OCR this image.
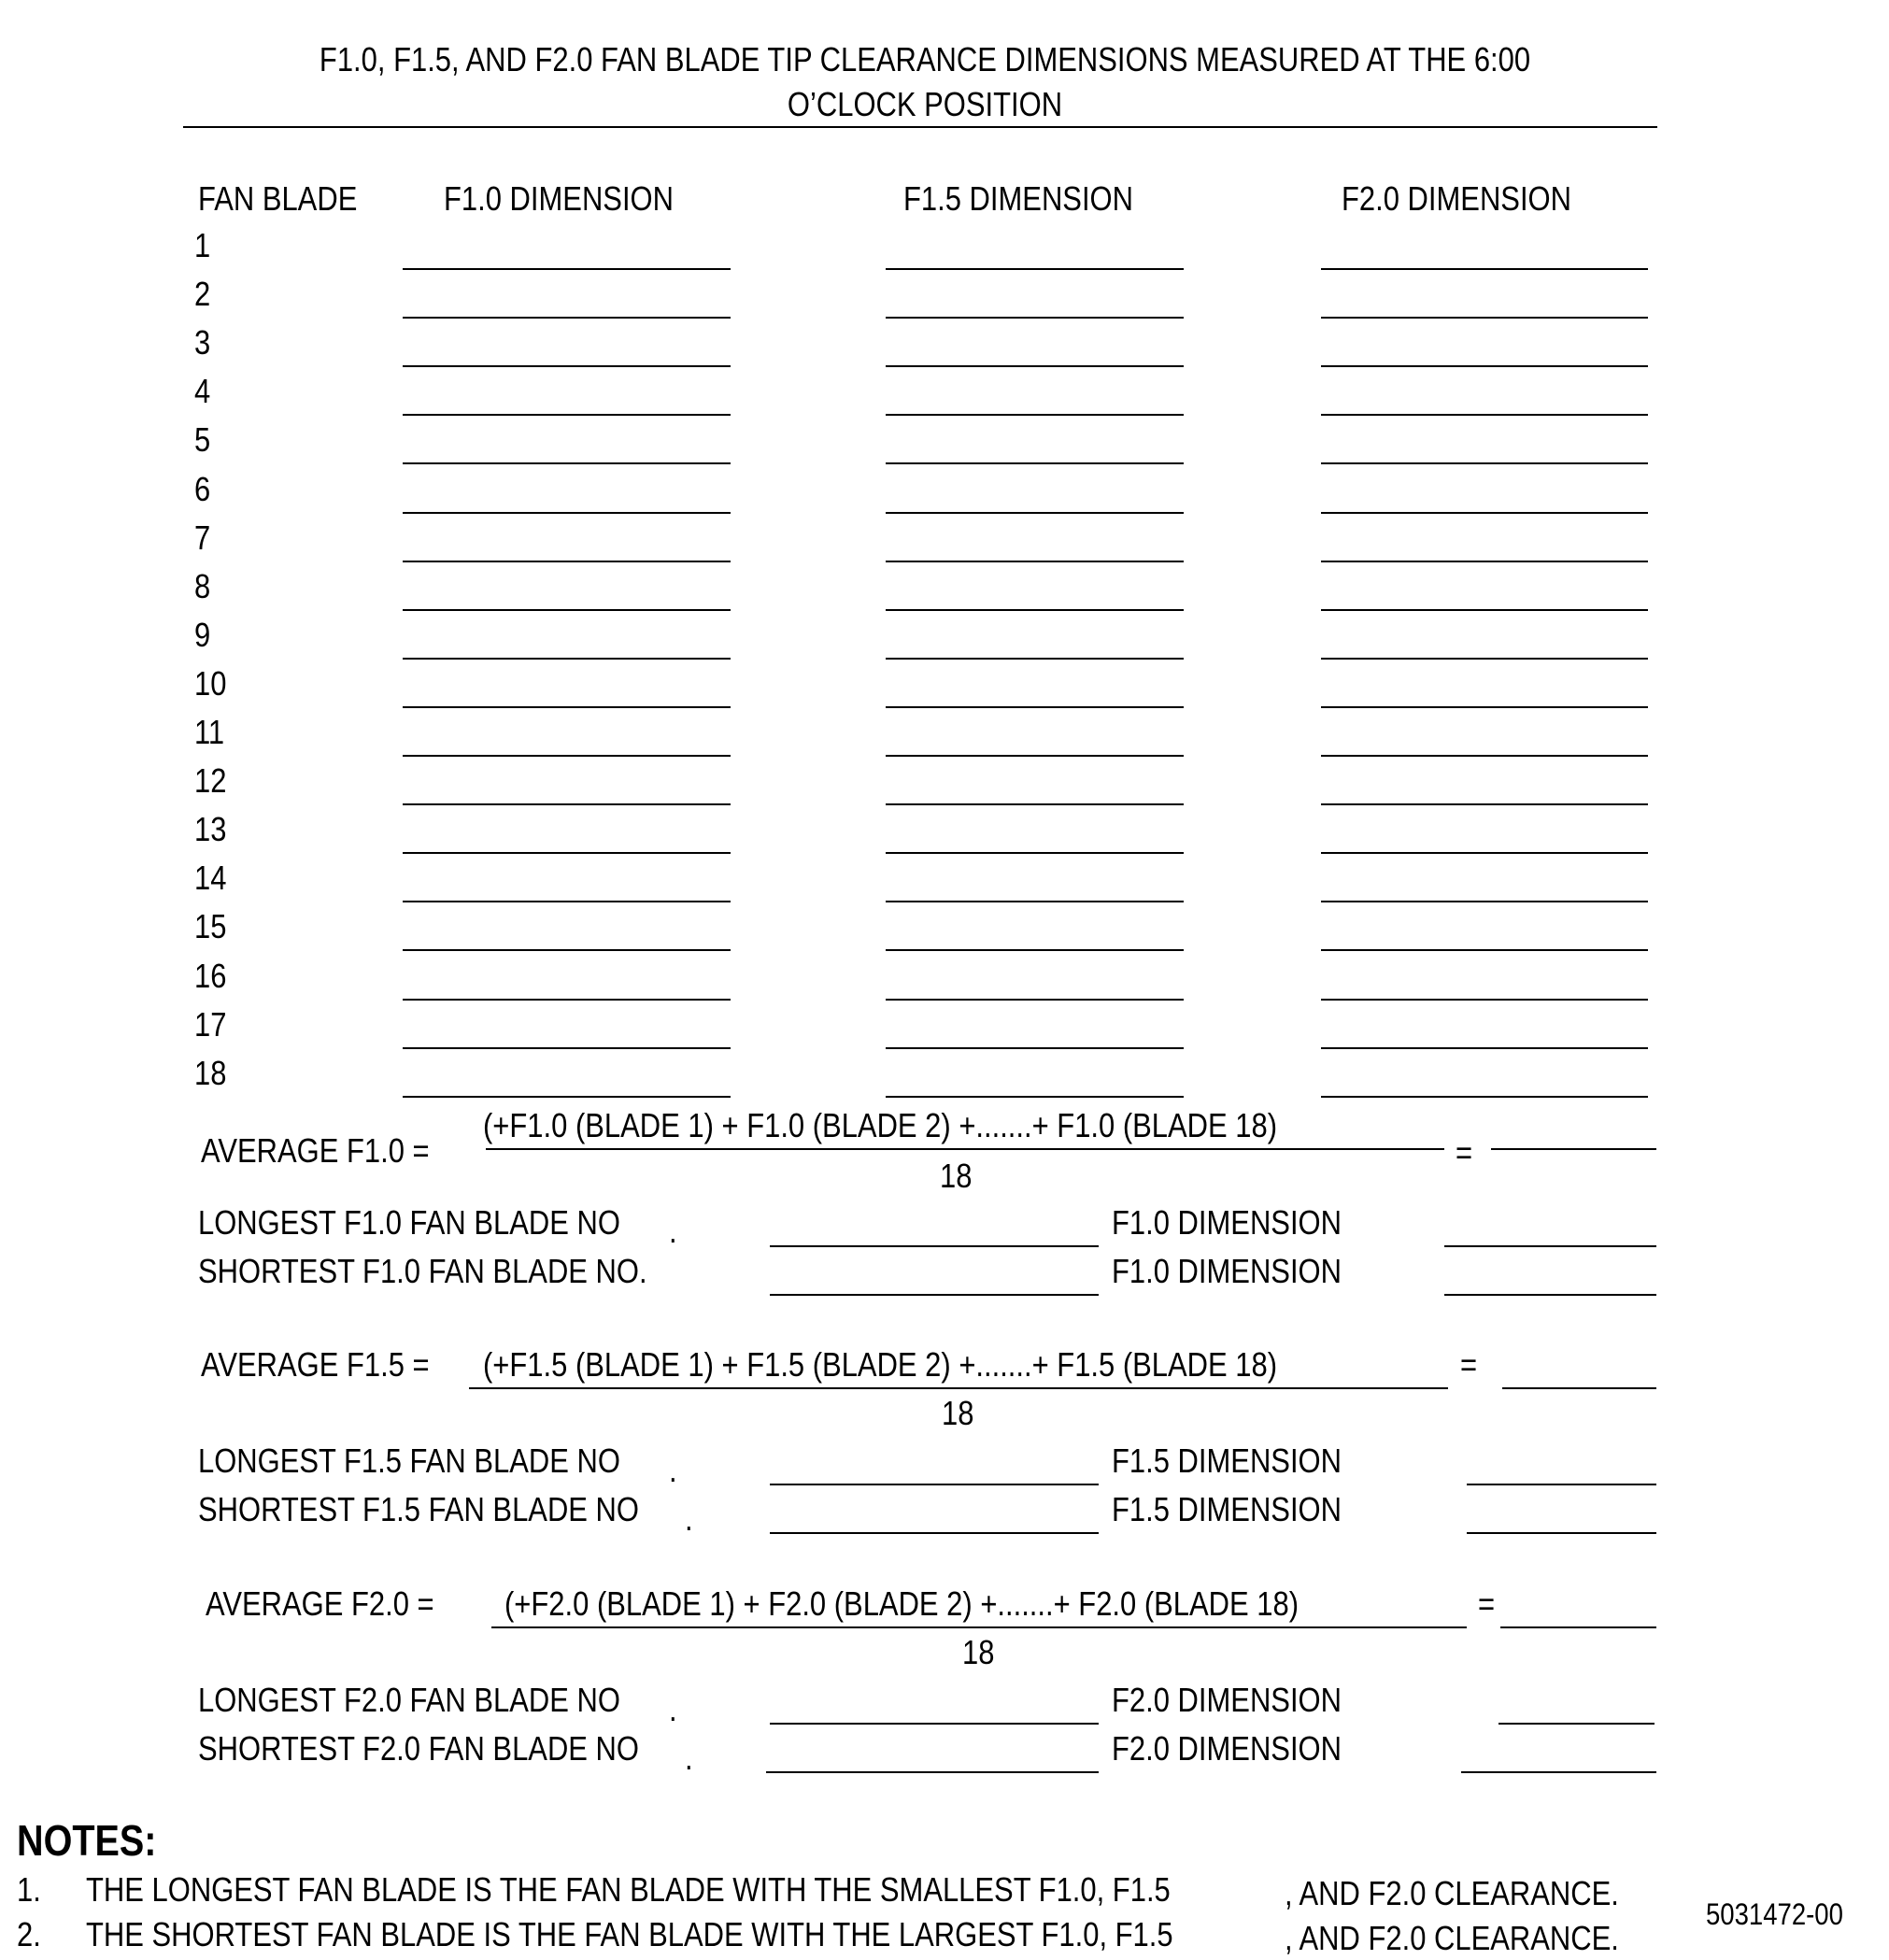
F1.0, F1.5, AND F2.0 FAN BLADE TIP CLEARANCE DIMENSIONS MEASURED AT THE 6:00
O’CLOCK POSITION
FAN BLADE	F1.0 DIMENSION	F1.5 DIMENSION	F2.0 DIMENSION
1
2
3
4
5
6
7
8
9
10
11
12
13
14
15
16
17
18
AVERAGE F1.0 =
(+F1.0 (BLADE 1) + F1.0 (BLADE 2) +.......+ F1.0 (BLADE 18)
18
=
LONGEST F1.0 FAN BLADE NO .	F1.0 DIMENSION
SHORTEST F1.0 FAN BLADE NO.	F1.0 DIMENSION
AVERAGE F1.5 = (+F1.5 (BLADE 1) + F1.5 (BLADE 2) +.......+ F1.5 (BLADE 18)
18
=
LONGEST F1.5 FAN BLADE NO .	F1.5 DIMENSION
SHORTEST F1.5 FAN BLADE NO .	F1.5 DIMENSION
AVERAGE F2.0 = (+F2.0 (BLADE 1) + F2.0 (BLADE 2) +.......+ F2.0 (BLADE 18)
18
=
LONGEST F2.0 FAN BLADE NO .	F2.0 DIMENSION
SHORTEST F2.0 FAN BLADE NO .	F2.0 DIMENSION
NOTES:
1. THE LONGEST FAN BLADE IS THE FAN BLADE WITH THE SMALLEST F1.0, F1.5	, AND F2.0 CLEARANCE.
2. THE SHORTEST FAN BLADE IS THE FAN BLADE WITH THE LARGEST F1.0, F1.5	, AND F2.0 CLEARANCE.
5031472-00
